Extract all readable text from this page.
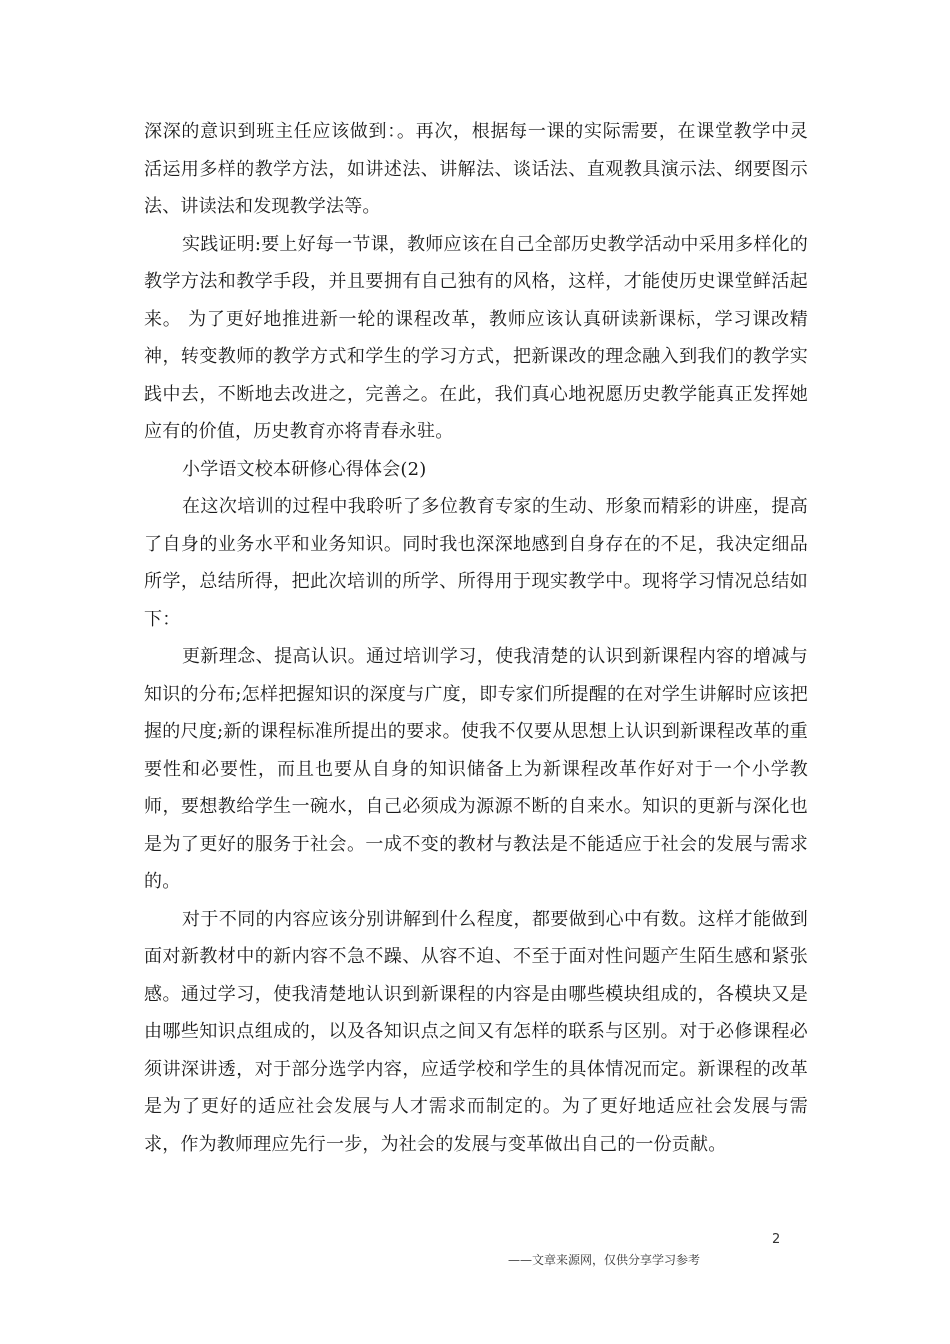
深深的意识到班主任应该做到：。再次，根据每一课的实际需要，在课堂教学中灵活运用多样的教学方法，如讲述法、讲解法、谈话法、直观教具演示法、纲要图示法、讲读法和发现教学法等。

实践证明:要上好每一节课，教师应该在自己全部历史教学活动中采用多样化的教学方法和教学手段，并且要拥有自己独有的风格，这样，才能使历史课堂鲜活起来。 为了更好地推进新一轮的课程改革，教师应该认真研读新课标，学习课改精神，转变教师的教学方式和学生的学习方式，把新课改的理念融入到我们的教学实践中去，不断地去改进之，完善之。在此，我们真心地祝愿历史教学能真正发挥她应有的价值，历史教育亦将青春永驻。

小学语文校本研修心得体会(2)

在这次培训的过程中我聆听了多位教育专家的生动、形象而精彩的讲座，提高了自身的业务水平和业务知识。同时我也深深地感到自身存在的不足，我决定细品所学，总结所得，把此次培训的所学、所得用于现实教学中。现将学习情况总结如下：

更新理念、提高认识。通过培训学习，使我清楚的认识到新课程内容的增减与知识的分布;怎样把握知识的深度与广度，即专家们所提醒的在对学生讲解时应该把握的尺度;新的课程标准所提出的要求。使我不仅要从思想上认识到新课程改革的重要性和必要性，而且也要从自身的知识储备上为新课程改革作好对于一个小学教师，要想教给学生一碗水，自己必须成为源源不断的自来水。知识的更新与深化也是为了更好的服务于社会。一成不变的教材与教法是不能适应于社会的发展与需求的。

对于不同的内容应该分别讲解到什么程度，都要做到心中有数。这样才能做到面对新教材中的新内容不急不躁、从容不迫、不至于面对性问题产生陌生感和紧张感。通过学习，使我清楚地认识到新课程的内容是由哪些模块组成的，各模块又是由哪些知识点组成的，以及各知识点之间又有怎样的联系与区别。对于必修课程必须讲深讲透，对于部分选学内容，应适学校和学生的具体情况而定。新课程的改革是为了更好的适应社会发展与人才需求而制定的。为了更好地适应社会发展与需求，作为教师理应先行一步，为社会的发展与变革做出自己的一份贡献。

2
——文章来源网，仅供分享学习参考
